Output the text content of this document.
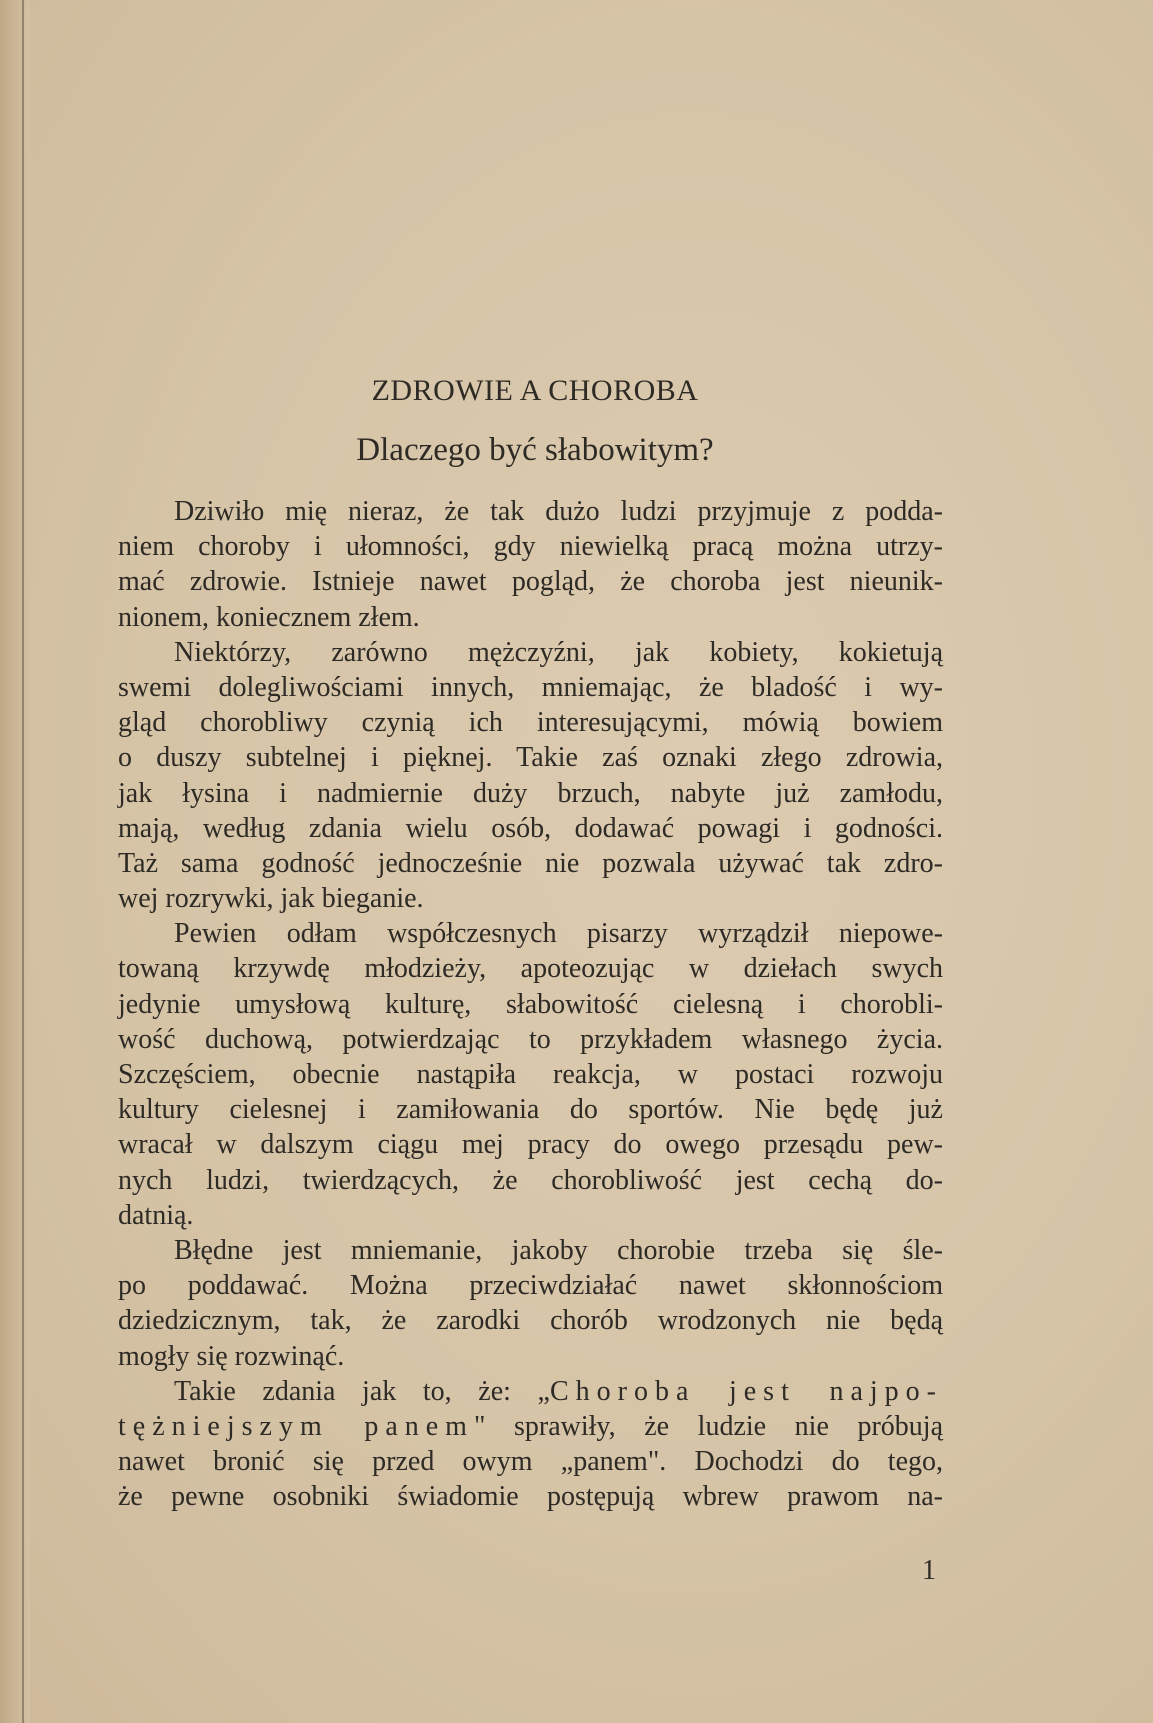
ZDROWIE A CHOROBA
Dlaczego być słabowitym?
Dziwiło mię nieraz, że tak dużo ludzi przyjmuje z podda-
niem choroby i ułomności, gdy niewielką pracą można utrzy-
mać zdrowie. Istnieje nawet pogląd, że choroba jest nieunik-
nionem, koniecznem złem.
Niektórzy, zarówno mężczyźni, jak kobiety, kokietują
swemi dolegliwościami innych, mniemając, że bladość i wy-
gląd chorobliwy czynią ich interesującymi, mówią bowiem
o duszy subtelnej i pięknej. Takie zaś oznaki złego zdrowia,
jak łysina i nadmiernie duży brzuch, nabyte już zamłodu,
mają, według zdania wielu osób, dodawać powagi i godności.
Taż sama godność jednocześnie nie pozwala używać tak zdro-
wej rozrywki, jak bieganie.
Pewien odłam współczesnych pisarzy wyrządził niepowe-
towaną krzywdę młodzieży, apoteozując w dziełach swych
jedynie umysłową kulturę, słabowitość cielesną i chorobli-
wość duchową, potwierdzając to przykładem własnego życia.
Szczęściem, obecnie nastąpiła reakcja, w postaci rozwoju
kultury cielesnej i zamiłowania do sportów. Nie będę już
wracał w dalszym ciągu mej pracy do owego przesądu pew-
nych ludzi, twierdzących, że chorobliwość jest cechą do-
datnią.
Błędne jest mniemanie, jakoby chorobie trzeba się śle-
po poddawać. Można przeciwdziałać nawet skłonnościom
dziedzicznym, tak, że zarodki chorób wrodzonych nie będą
mogły się rozwinąć.
Takie zdania jak to, że: „Choroba jest najpo-
tężniejszym panem" sprawiły, że ludzie nie próbują
nawet bronić się przed owym „panem". Dochodzi do tego,
że pewne osobniki świadomie postępują wbrew prawom na-
1
